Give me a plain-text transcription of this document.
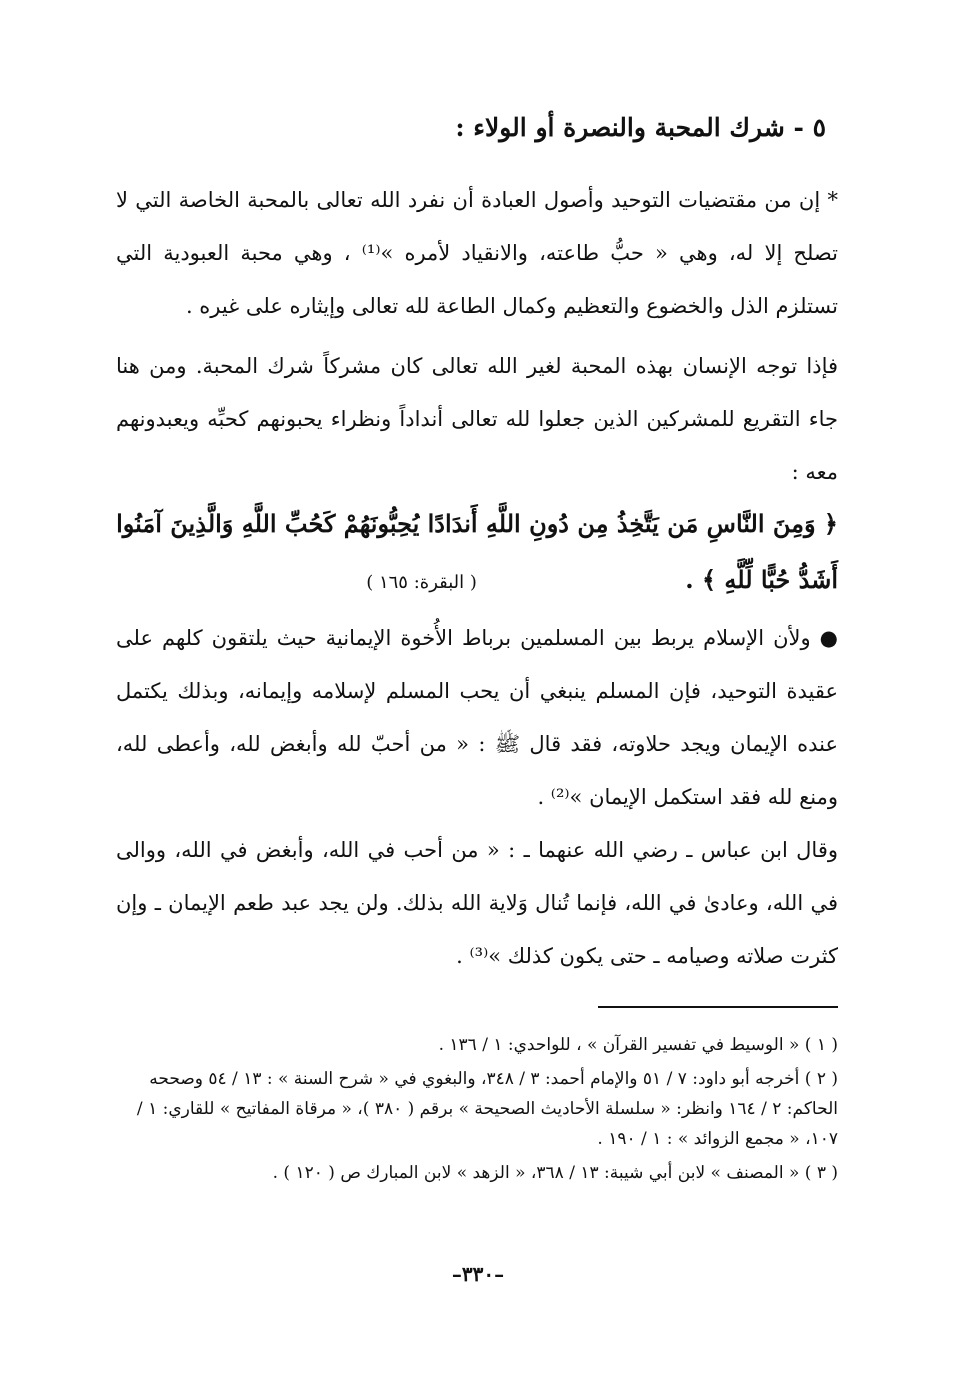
٥ - شرك المحبة والنصرة أو الولاء :

* إن من مقتضيات التوحيد وأصول العبادة أن نفرد الله تعالى بالمحبة الخاصة التي لا تصلح إلا له، وهي « حبُّ طاعته، والانقياد لأمره »⁽¹⁾ ، وهي محبة العبودية التي تستلزم الذل والخضوع والتعظيم وكمال الطاعة لله تعالى وإيثاره على غيره .

فإذا توجه الإنسان بهذه المحبة لغير الله تعالى كان مشركاً شرك المحبة. ومن هنا جاء التقريع للمشركين الذين جعلوا لله تعالى أنداداً ونظراء يحبونهم كحبِّه ويعبدونهم معه :

﴿ وَمِنَ النَّاسِ مَن يَتَّخِذُ مِن دُونِ اللَّهِ أَندَادًا يُحِبُّونَهُمْ كَحُبِّ اللَّهِ وَالَّذِينَ آمَنُوا أَشَدُّ حُبًّا لِّلَّهِ ﴾ . ( البقرة: ١٦٥ )

● ولأن الإسلام يربط بين المسلمين برباط الأُخوة الإيمانية حيث يلتقون كلهم على عقيدة التوحيد، فإن المسلم ينبغي أن يحب المسلم لإسلامه وإيمانه، وبذلك يكتمل عنده الإيمان ويجد حلاوته، فقد قال ﷺ : « من أحبّ لله وأبغض لله، وأعطى لله، ومنع لله فقد استكمل الإيمان »⁽²⁾ .

وقال ابن عباس ـ رضي الله عنهما ـ : « من أحب في الله، وأبغض في الله، ووالى في الله، وعادىٰ في الله، فإنما تُنال وَلاية الله بذلك. ولن يجد عبد طعم الإيمان ـ وإن كثرت صلاته وصيامه ـ حتى يكون كذلك »⁽³⁾ .

( ١ ) « الوسيط في تفسير القرآن » ، للواحدي: ١ / ١٣٦ .
( ٢ ) أخرجه أبو داود: ٧ / ٥١ والإمام أحمد: ٣ / ٣٤٨، والبغوي في « شرح السنة » : ١٣ / ٥٤ وصححه الحاكم: ٢ / ١٦٤ وانظر: « سلسلة الأحاديث الصحيحة » برقم ( ٣٨٠ )، « مرقاة المفاتيح » للقاري: ١ / ١٠٧، « مجمع الزوائد » : ١ / ١٩٠ .
( ٣ ) « المصنف » لابن أبي شيبة: ١٣ / ٣٦٨، « الزهد » لابن المبارك ص ( ١٢٠ ) .
–٣٣٠–
